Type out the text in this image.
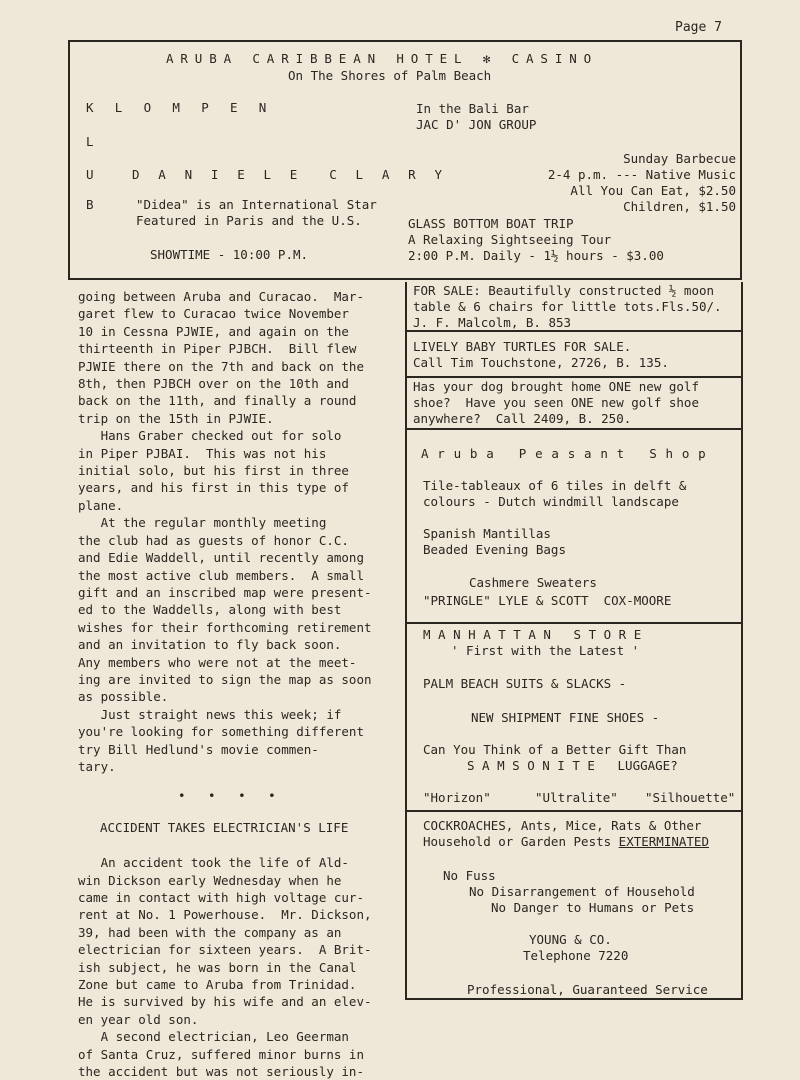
Page 7
ARUBA CARIBBEAN HOTEL ✻ CASINO
On The Shores of Palm Beach
K L O M P E N
L
U
B
D A N I E L E  C L A R Y
"Didea" is an International Star
Featured in Paris and the U.S.
SHOWTIME - 10:00 P.M.
In the Bali Bar
JAC D' JON GROUP
Sunday Barbecue
2-4 p.m. --- Native Music
All You Can Eat, $2.50
Children, $1.50
GLASS BOTTOM BOAT TRIP
A Relaxing Sightseeing Tour
2:00 P.M. Daily - 1½ hours - $3.00
going between Aruba and Curacao.  Mar-
garet flew to Curacao twice November
10 in Cessna PJWIE, and again on the
thirteenth in Piper PJBCH.  Bill flew
PJWIE there on the 7th and back on the
8th, then PJBCH over on the 10th and
back on the 11th, and finally a round
trip on the 15th in PJWIE.
Hans Graber checked out for solo
in Piper PJBAI.  This was not his
initial solo, but his first in three
years, and his first in this type of
plane.
At the regular monthly meeting
the club had as guests of honor C.C.
and Edie Waddell, until recently among
the most active club members.  A small
gift and an inscribed map were present-
ed to the Waddells, along with best
wishes for their forthcoming retirement
and an invitation to fly back soon.
Any members who were not at the meet-
ing are invited to sign the map as soon
as possible.
Just straight news this week; if
you're looking for something different
try Bill Hedlund's movie commen-
tary.
• • • •
ACCIDENT TAKES ELECTRICIAN'S LIFE
An accident took the life of Ald-
win Dickson early Wednesday when he
came in contact with high voltage cur-
rent at No. 1 Powerhouse.  Mr. Dickson,
39, had been with the company as an
electrician for sixteen years.  A Brit-
ish subject, he was born in the Canal
Zone but came to Aruba from Trinidad.
He is survived by his wife and an elev-
en year old son.
A second electrician, Leo Geerman
of Santa Cruz, suffered minor burns in
the accident but was not seriously in-
FOR SALE: Beautifully constructed ½ moon
table & 6 chairs for little tots.Fls.50/.
J. F. Malcolm, B. 853
LIVELY BABY TURTLES FOR SALE.
Call Tim Touchstone, 2726, B. 135.
Has your dog brought home ONE new golf
shoe?  Have you seen ONE new golf shoe
anywhere?  Call 2409, B. 250.
A r u b a   P e a s a n t   S h o p
Tile-tableaux of 6 tiles in delft &
colours - Dutch windmill landscape
Spanish Mantillas
Beaded Evening Bags
Cashmere Sweaters
"PRINGLE" LYLE & SCOTT  COX-MOORE
M A N H A T T A N   S T O R E
' First with the Latest '
PALM BEACH SUITS & SLACKS -
NEW SHIPMENT FINE SHOES -
Can You Think of a Better Gift Than
S A M S O N I T E   LUGGAGE?
"Horizon"	"Ultralite" "Silhouette"
COCKROACHES, Ants, Mice, Rats & Other
Household or Garden Pests EXTERMINATED
No Fuss
No Disarrangement of Household
No Danger to Humans or Pets
YOUNG & CO.
Telephone 7220
Professional, Guaranteed Service
